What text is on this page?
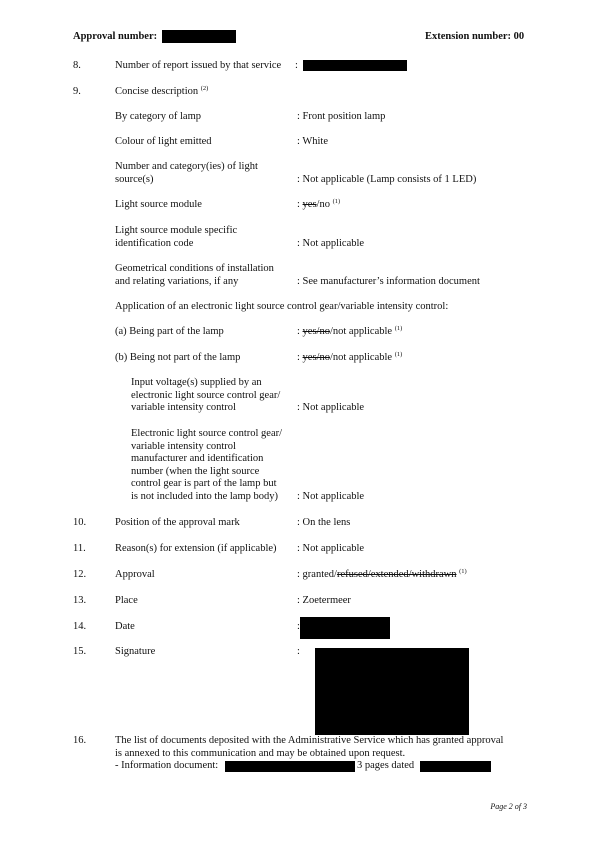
Approval number:	Extension number: 00
8.	Number of report issued by that service :
9.	Concise description $^{(2)}$
By category of lamp	: Front position lamp
Colour of light emitted	: White
Number and category(ies) of light
source(s)	: Not applicable (Lamp consists of 1 LED)
Light source module	: yes/no $^{(1)}$
Light source module specific
identification code	: Not applicable
Geometrical conditions of installation
and relating variations, if any	: See manufacturer’s information document
Application of an electronic light source control gear/variable intensity control:
(a) Being part of the lamp	: yes/no/not applicable $^{(1)}$
(b) Being not part of the lamp	: yes/no/not applicable $^{(1)}$
Input voltage(s) supplied by an
electronic light source control gear/
variable intensity control	: Not applicable
Electronic light source control gear/
variable intensity control
manufacturer and identification
number (when the light source
control gear is part of the lamp but
is not included into the lamp body)	: Not applicable
10.	Position of the approval mark	: On the lens
11.	Reason(s) for extension (if applicable) : Not applicable
12.	Approval	: granted/refused/extended/withdrawn $^{(1)}$
13.	Place	: Zoetermeer
14.	Date	:
15.	Signature	:
16.	The list of documents deposited with the Administrative Service which has granted approval
is annexed to this communication and may be obtained upon request.
- Information document:	3 pages dated
Page 2 of 3
